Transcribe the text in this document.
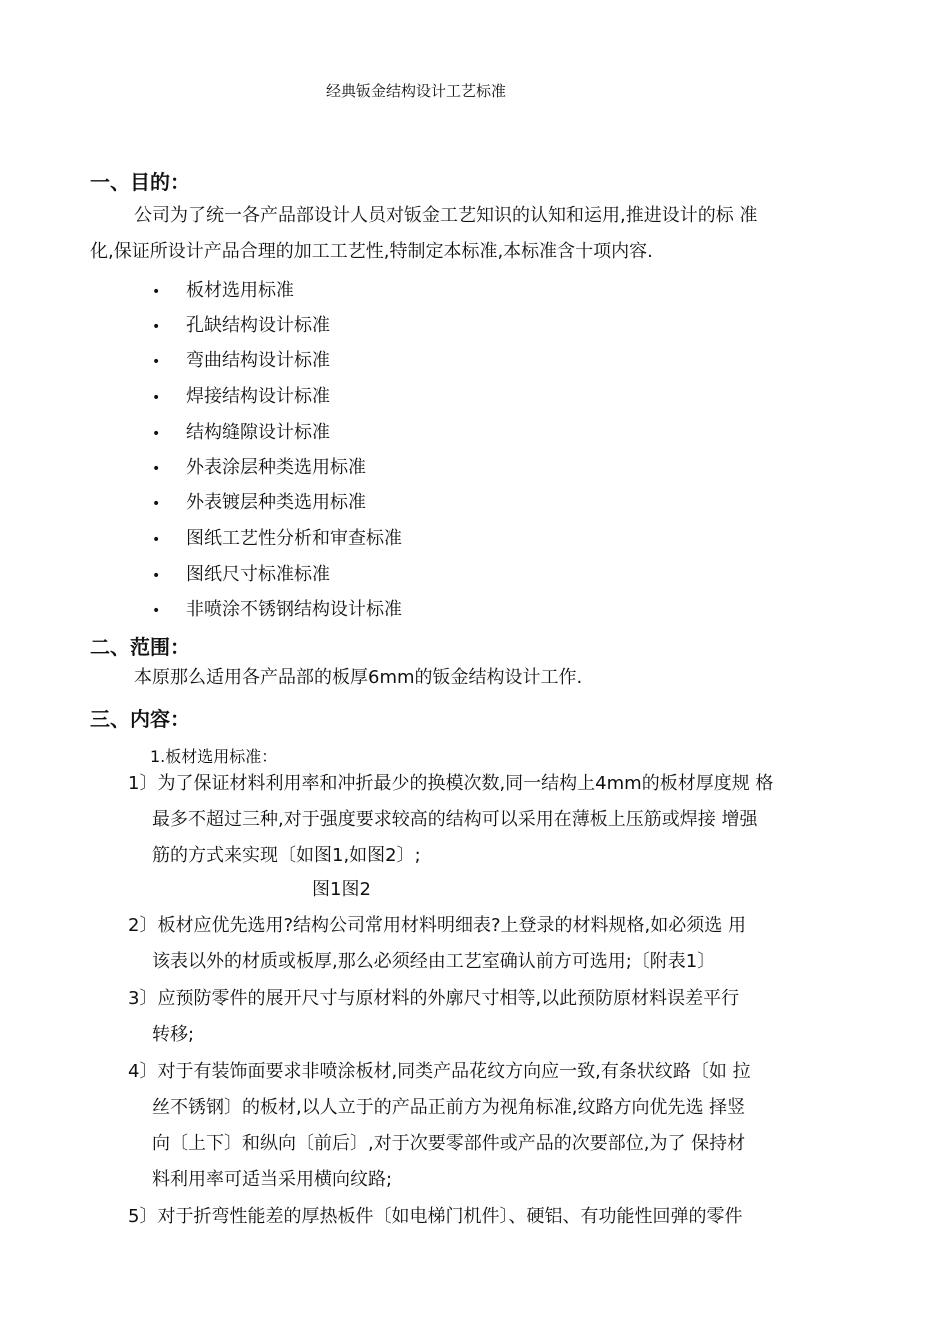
经典钣金结构设计工艺标准
一、目的：
公司为了统一各产品部设计人员对钣金工艺知识的认知和运用,推进设计的标 准
化,保证所设计产品合理的加工工艺性,特制定本标准,本标准含十项内容.
• 板材选用标准
• 孔缺结构设计标准
• 弯曲结构设计标准
• 焊接结构设计标准
• 结构缝隙设计标准
• 外表涂层种类选用标准
• 外表镀层种类选用标准
• 图纸工艺性分析和审查标准
• 图纸尺寸标准标准
• 非喷涂不锈钢结构设计标准
二、范围：
本原那么适用各产品部的板厚6mm的钣金结构设计工作.
三、内容：
1.板材选用标准：
1〕为了保证材料利用率和冲折最少的换模次数,同一结构上4mm的板材厚度规 格
最多不超过三种,对于强度要求较高的结构可以采用在薄板上压筋或焊接 增强
筋的方式来实现〔如图1,如图2〕;
图1图2
2〕板材应优先选用?结构公司常用材料明细表?上登录的材料规格,如必须选 用
该表以外的材质或板厚,那么必须经由工艺室确认前方可选用;〔附表1〕
3〕应预防零件的展开尺寸与原材料的外廓尺寸相等,以此预防原材料误差平行
转移;
4〕对于有装饰面要求非喷涂板材,同类产品花纹方向应一致,有条状纹路〔如 拉
丝不锈钢〕的板材,以人立于的产品正前方为视角标准,纹路方向优先选 择竖
向〔上下〕和纵向〔前后〕,对于次要零部件或产品的次要部位,为了 保持材
料利用率可适当采用横向纹路;
5〕对于折弯性能差的厚热板件〔如电梯门机件〕、硬铝、有功能性回弹的零件
